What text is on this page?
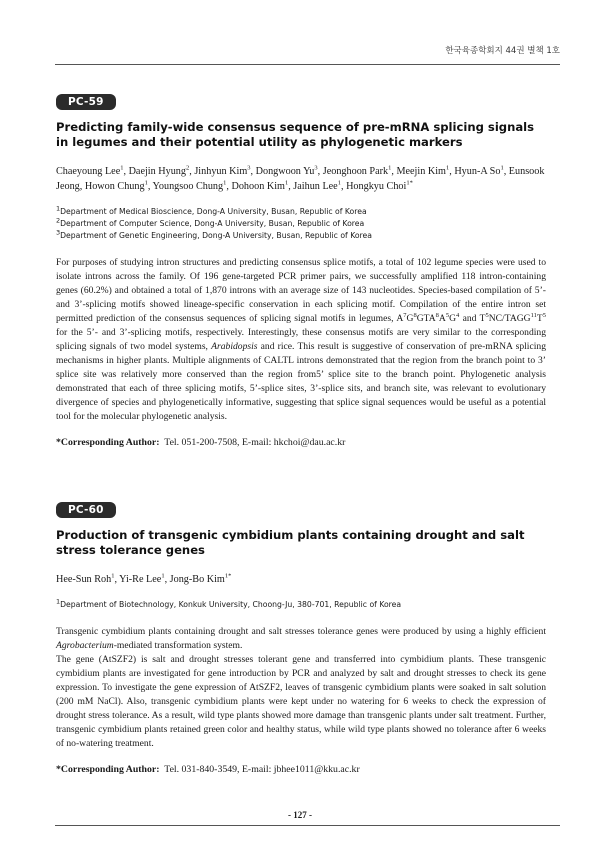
한국육종학회지 44권 별책 1호
PC-59
Predicting family-wide consensus sequence of pre-mRNA splicing signals in legumes and their potential utility as phylogenetic markers
Chaeyoung Lee$^1$, Daejin Hyung$^2$, Jinhyun Kim$^3$, Dongwoon Yu$^3$, Jeonghoon Park$^1$, Meejin Kim$^1$, Hyun-A So$^1$, Eunsook Jeong, Howon Chung$^1$, Youngsoo Chung$^1$, Dohoon Kim$^1$, Jaihun Lee$^1$, Hongkyu Choi$^{1*}$
$^1$Department of Medical Bioscience, Dong-A University, Busan, Republic of Korea
$^2$Department of Computer Science, Dong-A University, Busan, Republic of Korea
$^3$Department of Genetic Engineering, Dong-A University, Busan, Republic of Korea

For purposes of studying intron structures and predicting consensus splice motifs, a total of 102 legume species were used to isolate introns across the family. Of 196 gene-targeted PCR primer pairs, we successfully amplified 118 intron-containing genes (60.2%) and obtained a total of 1,870 introns with an average size of 143 nucleotides. Species-based compilation of 5’- and 3’-splicing motifs showed lineage-specific conservation in each splicing motif. Compilation of the entire intron set permitted prediction of the consensus sequences of splicing signal motifs in legumes, $A^7G^8GTA^8A^5G^4$ and $T^5NC/TAGG^{11}T^5$ for the 5’- and 3’-splicing motifs, respectively. Interestingly, these consensus motifs are very similar to the corresponding splicing signals of two model systems, Arabidopsis and rice. This result is suggestive of conservation of pre-mRNA splicing mechanisms in higher plants. Multiple alignments of CALTL introns demonstrated that the region from the branch point to 3’ splice site was relatively more conserved than the region from5’ splice site to the branch point. Phylogenetic analysis demonstrated that each of three splicing motifs, 5’-splice sites, 3’-splice sits, and branch site, was relevant to evolutionary divergence of species and phylogenetically informative, suggesting that splice signal sequences would be useful as a potential tool for the molecular phylogenetic analysis.

*Corresponding Author: Tel. 051-200-7508, E-mail: hkchoi@dau.ac.kr
PC-60
Production of transgenic cymbidium plants containing drought and salt stress tolerance genes
Hee-Sun Roh$^1$, Yi-Re Lee$^1$, Jong-Bo Kim$^{1*}$
$^1$Department of Biotechnology, Konkuk University, Choong-Ju, 380-701, Republic of Korea

Transgenic cymbidium plants containing drought and salt stresses tolerance genes were produced by using a highly efficient Agrobacterium-mediated transformation system.

The gene (AtSZF2) is salt and drought stresses tolerant gene and transferred into cymbidium plants. These transgenic cymbidium plants are investigated for gene introduction by PCR and analyzed by salt and drought stresses to check its gene expression. To investigate the gene expression of AtSZF2, leaves of transgenic cymbidium plants were soaked in salt solution (200 mM NaCl). Also, transgenic cymbidium plants were kept under no watering for 6 weeks to check the expression of drought stress tolerance. As a result, wild type plants showed more damage than transgenic plants under salt treatment. Further, transgenic cymbidium plants retained green color and healthy status, while wild type plants showed no tolerance after 6 weeks of no-watering treatment.

*Corresponding Author: Tel. 031-840-3549, E-mail: jbhee1011@kku.ac.kr
- 127 -
